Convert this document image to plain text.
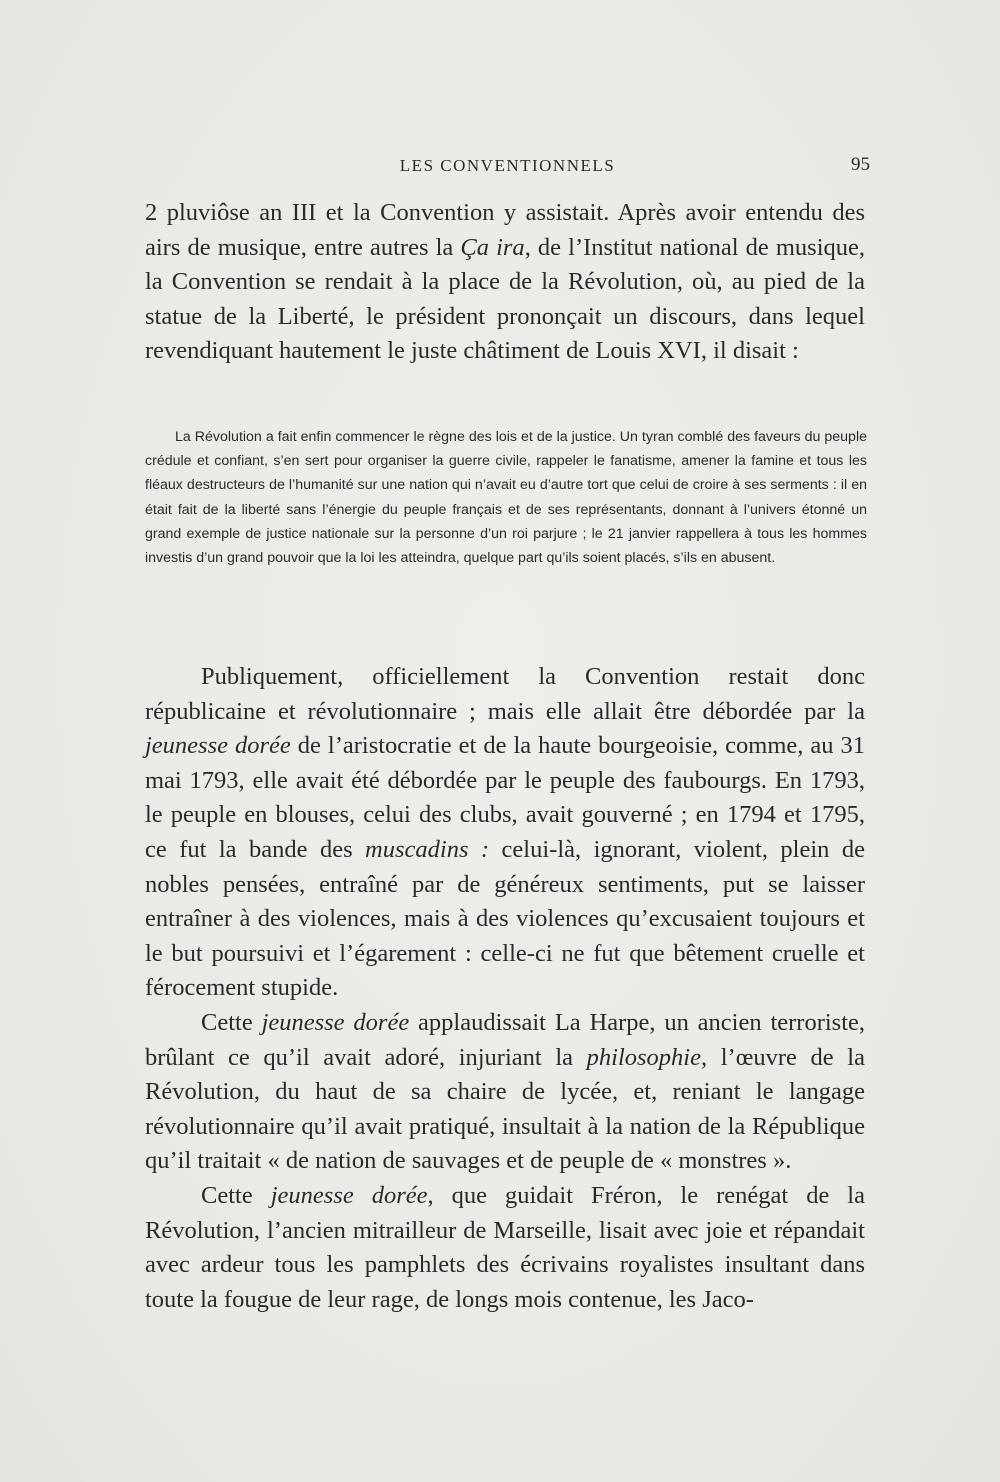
LES CONVENTIONNELS	95

2 pluviôse an III et la Convention y assistait. Après avoir entendu des airs de musique, entre autres la Ça ira, de l’Institut national de musique, la Convention se rendait à la place de la Révolution, où, au pied de la statue de la Liberté, le président prononçait un discours, dans lequel revendiquant hautement le juste châtiment de Louis XVI, il disait :

La Révolution a fait enfin commencer le règne des lois et de la justice. Un tyran comblé des faveurs du peuple crédule et confiant, s’en sert pour organiser la guerre civile, rappeler le fanatisme, amener la famine et tous les fléaux destructeurs de l’humanité sur une nation qui n’avait eu d’autre tort que celui de croire à ses serments : il en était fait de la liberté sans l’énergie du peuple français et de ses représentants, donnant à l’univers étonné un grand exemple de justice nationale sur la personne d’un roi parjure ; le 21 janvier rappellera à tous les hommes investis d’un grand pouvoir que la loi les atteindra, quelque part qu’ils soient placés, s’ils en abusent.

Publiquement, officiellement la Convention restait donc républicaine et révolutionnaire ; mais elle allait être débordée par la jeunesse dorée de l’aristocratie et de la haute bourgeoisie, comme, au 31 mai 1793, elle avait été débordée par le peuple des faubourgs. En 1793, le peuple en blouses, celui des clubs, avait gouverné ; en 1794 et 1795, ce fut la bande des muscadins : celui-là, ignorant, violent, plein de nobles pensées, entraîné par de généreux sentiments, put se laisser entraîner à des violences, mais à des violences qu’excusaient toujours et le but poursuivi et l’égarement : celle-ci ne fut que bêtement cruelle et férocement stupide.

Cette jeunesse dorée applaudissait La Harpe, un ancien terroriste, brûlant ce qu’il avait adoré, injuriant la philosophie, l’œuvre de la Révolution, du haut de sa chaire de lycée, et, reniant le langage révolutionnaire qu’il avait pratiqué, insultait à la nation de la République qu’il traitait « de nation de sauvages et de peuple de « monstres ».

Cette jeunesse dorée, que guidait Fréron, le renégat de la Révolution, l’ancien mitrailleur de Marseille, lisait avec joie et répandait avec ardeur tous les pamphlets des écrivains royalistes insultant dans toute la fougue de leur rage, de longs mois contenue, les Jaco-
